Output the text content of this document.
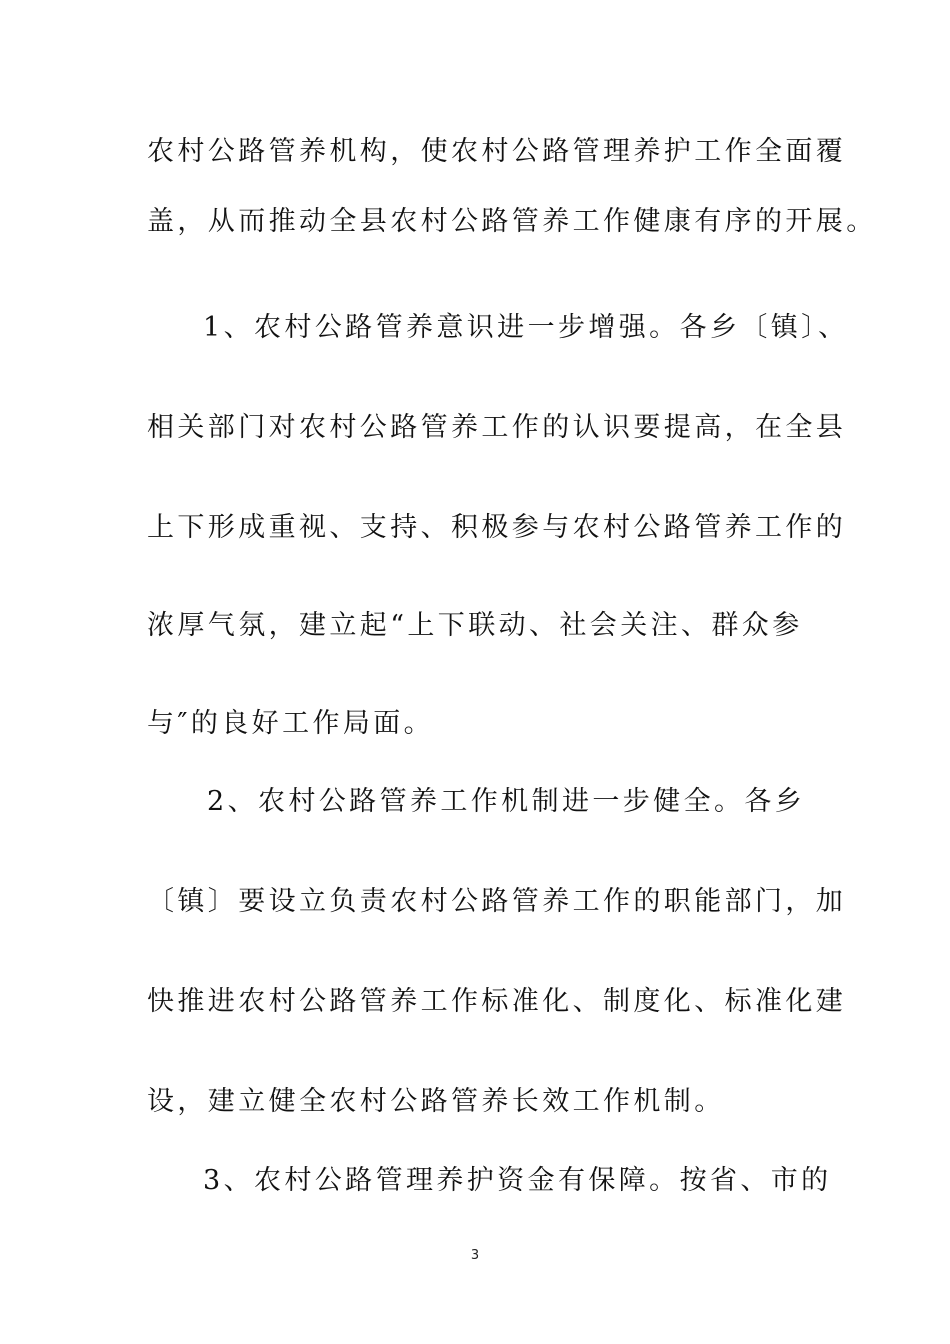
农村公路管养机构，使农村公路管理养护工作全面覆
盖，从而推动全县农村公路管养工作健康有序的开展。
1、农村公路管养意识进一步增强。各乡〔镇〕、
相关部门对农村公路管养工作的认识要提高，在全县
上下形成重视、支持、积极参与农村公路管养工作的
浓厚气氛，建立起“上下联动、社会关注、群众参
与″的良好工作局面。
2、农村公路管养工作机制进一步健全。各乡
〔镇〕要设立负责农村公路管养工作的职能部门，加
快推进农村公路管养工作标准化、制度化、标准化建
设，建立健全农村公路管养长效工作机制。
3、农村公路管理养护资金有保障。按省、市的
3
